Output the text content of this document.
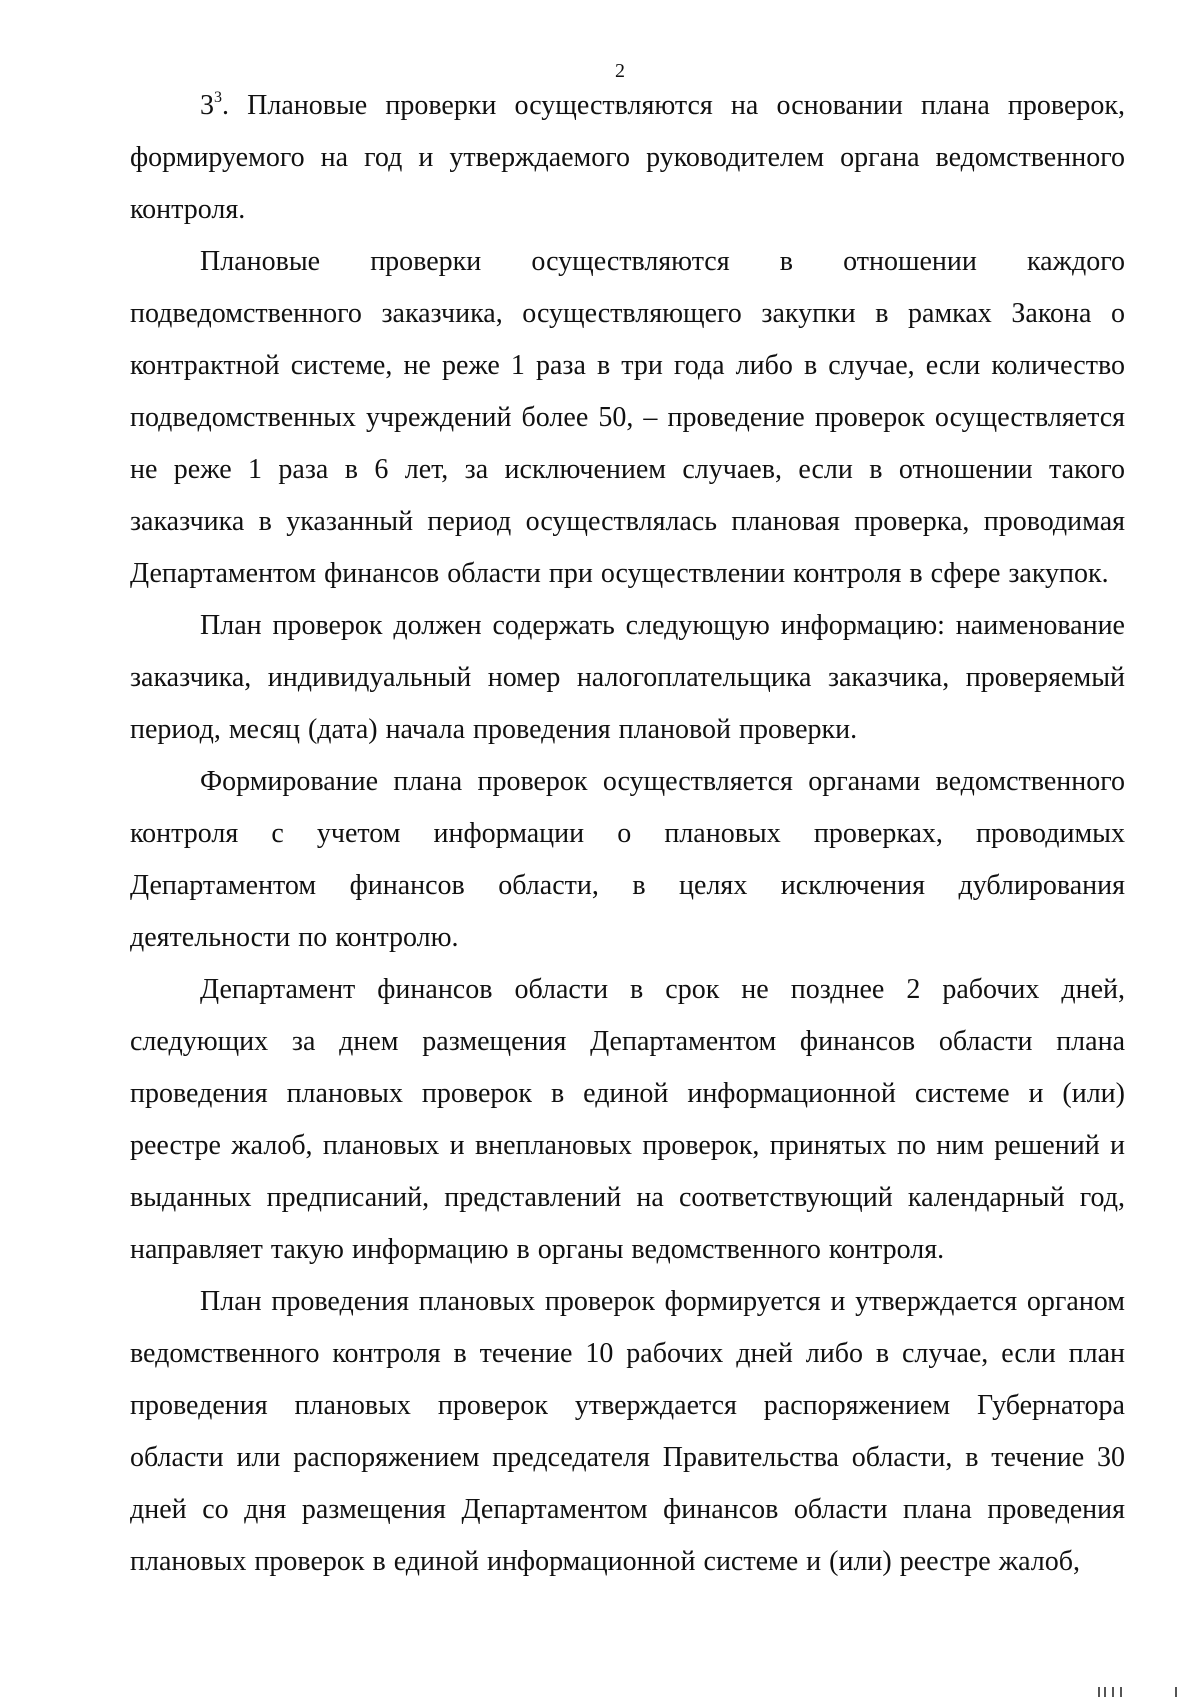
2

$3^3$. Плановые проверки осуществляются на основании плана проверок, формируемого на год и утверждаемого руководителем органа ведомственного контроля.

Плановые проверки осуществляются в отношении каждого подведомственного заказчика, осуществляющего закупки в рамках Закона о контрактной системе, не реже 1 раза в три года либо в случае, если количество подведомственных учреждений более 50, – проведение проверок осуществляется не реже 1 раза в 6 лет, за исключением случаев, если в отношении такого заказчика в указанный период осуществлялась плановая проверка, проводимая Департаментом финансов области при осуществлении контроля в сфере закупок.

План проверок должен содержать следующую информацию: наименование заказчика, индивидуальный номер налогоплательщика заказчика, проверяемый период, месяц (дата) начала проведения плановой проверки.

Формирование плана проверок осуществляется органами ведомственного контроля с учетом информации о плановых проверках, проводимых Департаментом финансов области, в целях исключения дублирования деятельности по контролю.

Департамент финансов области в срок не позднее 2 рабочих дней, следующих за днем размещения Департаментом финансов области плана проведения плановых проверок в единой информационной системе и (или) реестре жалоб, плановых и внеплановых проверок, принятых по ним решений и выданных предписаний, представлений на соответствующий календарный год, направляет такую информацию в органы ведомственного контроля.

План проведения плановых проверок формируется и утверждается органом ведомственного контроля в течение 10 рабочих дней либо в случае, если план проведения плановых проверок утверждается распоряжением Губернатора области или распоряжением председателя Правительства области, в течение 30 дней со дня размещения Департаментом финансов области плана проведения плановых проверок в единой информационной системе и (или) реестре жалоб,
